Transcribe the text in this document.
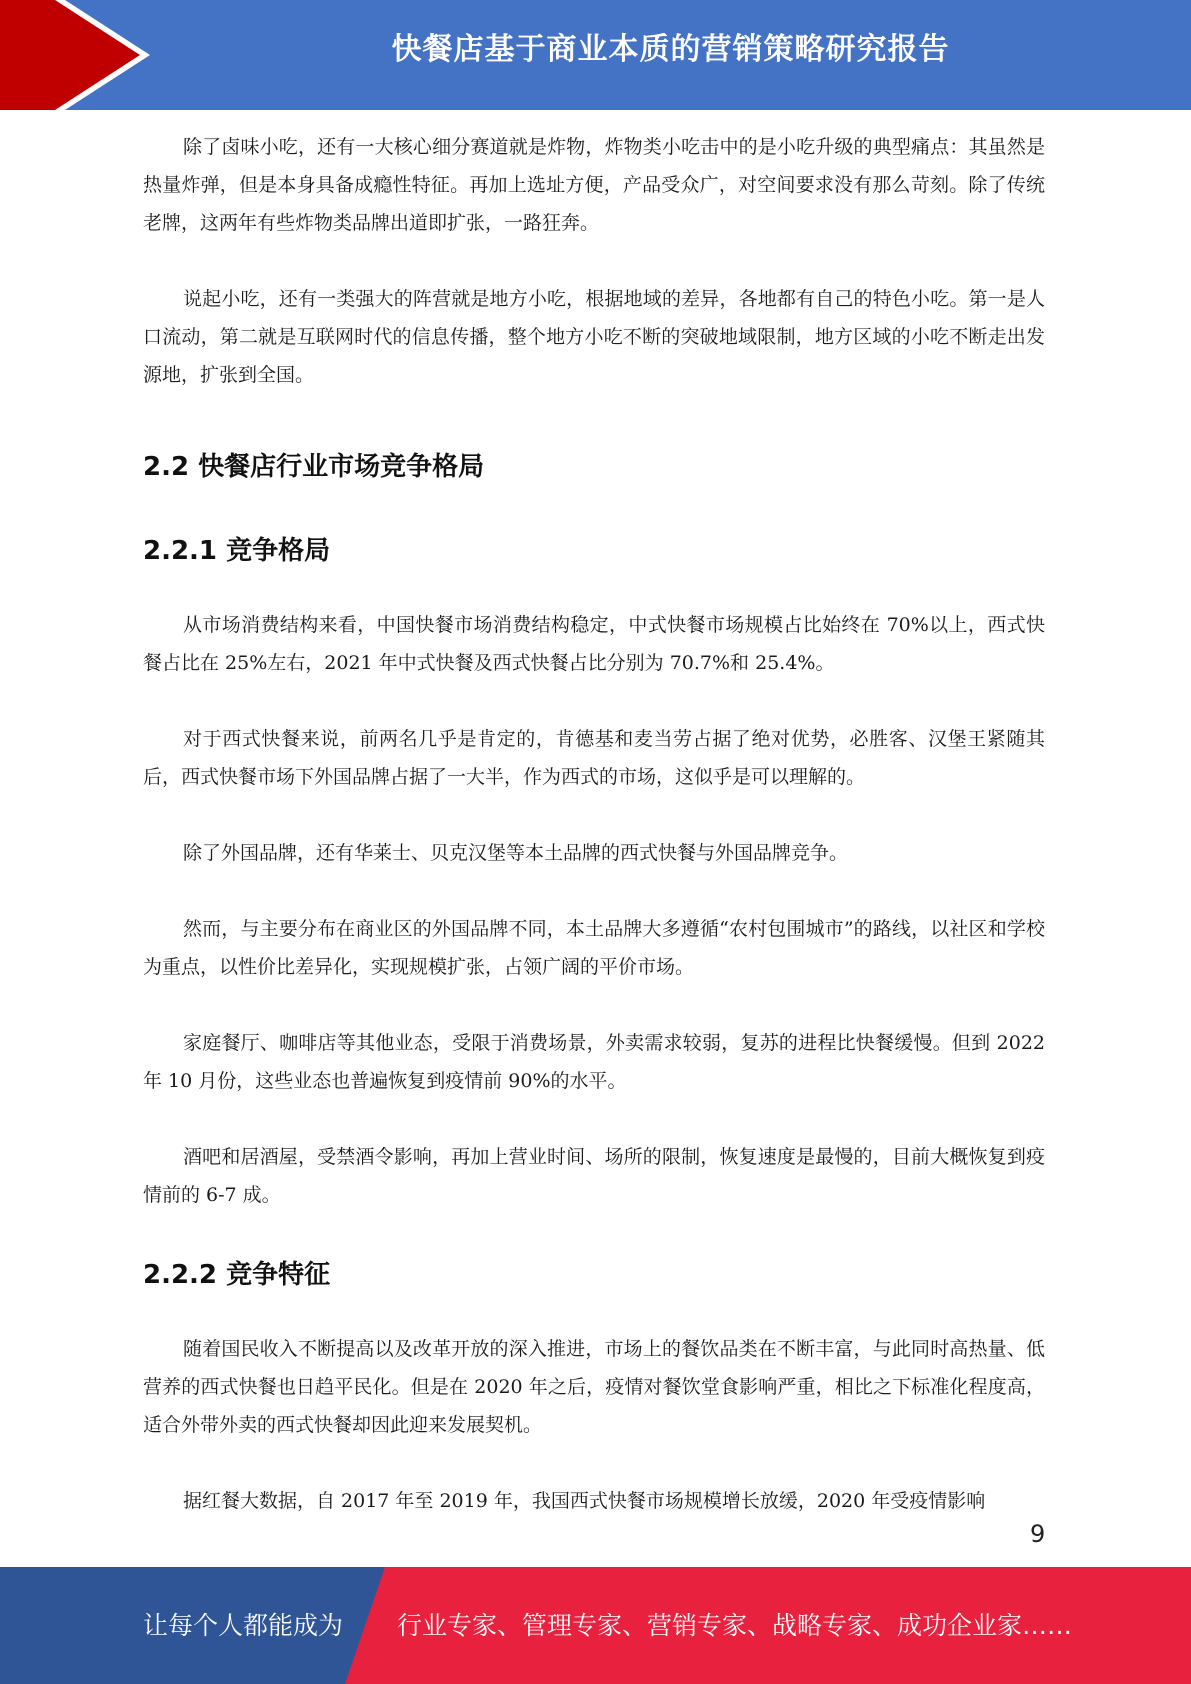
快餐店基于商业本质的营销策略研究报告

除了卤味小吃，还有一大核心细分赛道就是炸物，炸物类小吃击中的是小吃升级的典型痛点：其虽然是热量炸弹，但是本身具备成瘾性特征。再加上选址方便，产品受众广，对空间要求没有那么苛刻。除了传统老牌，这两年有些炸物类品牌出道即扩张，一路狂奔。

说起小吃，还有一类强大的阵营就是地方小吃，根据地域的差异，各地都有自己的特色小吃。第一是人口流动，第二就是互联网时代的信息传播，整个地方小吃不断的突破地域限制，地方区域的小吃不断走出发源地，扩张到全国。

2.2 快餐店行业市场竞争格局
2.2.1 竞争格局

从市场消费结构来看，中国快餐市场消费结构稳定，中式快餐市场规模占比始终在 70%以上，西式快餐占比在 25%左右，2021 年中式快餐及西式快餐占比分别为 70.7%和 25.4%。

对于西式快餐来说，前两名几乎是肯定的，肯德基和麦当劳占据了绝对优势，必胜客、汉堡王紧随其后，西式快餐市场下外国品牌占据了一大半，作为西式的市场，这似乎是可以理解的。

除了外国品牌，还有华莱士、贝克汉堡等本土品牌的西式快餐与外国品牌竞争。

然而，与主要分布在商业区的外国品牌不同，本土品牌大多遵循“农村包围城市”的路线，以社区和学校为重点，以性价比差异化，实现规模扩张，占领广阔的平价市场。

家庭餐厅、咖啡店等其他业态，受限于消费场景，外卖需求较弱，复苏的进程比快餐缓慢。但到 2022 年 10 月份，这些业态也普遍恢复到疫情前 90%的水平。

酒吧和居酒屋，受禁酒令影响，再加上营业时间、场所的限制，恢复速度是最慢的，目前大概恢复到疫情前的 6-7 成。

2.2.2 竞争特征

随着国民收入不断提高以及改革开放的深入推进，市场上的餐饮品类在不断丰富，与此同时高热量、低营养的西式快餐也日趋平民化。但是在 2020 年之后，疫情对餐饮堂食影响严重，相比之下标准化程度高，适合外带外卖的西式快餐却因此迎来发展契机。

据红餐大数据，自 2017 年至 2019 年，我国西式快餐市场规模增长放缓，2020 年受疫情影响

9
让每个人都能成为 行业专家、管理专家、营销专家、战略专家、成功企业家……
